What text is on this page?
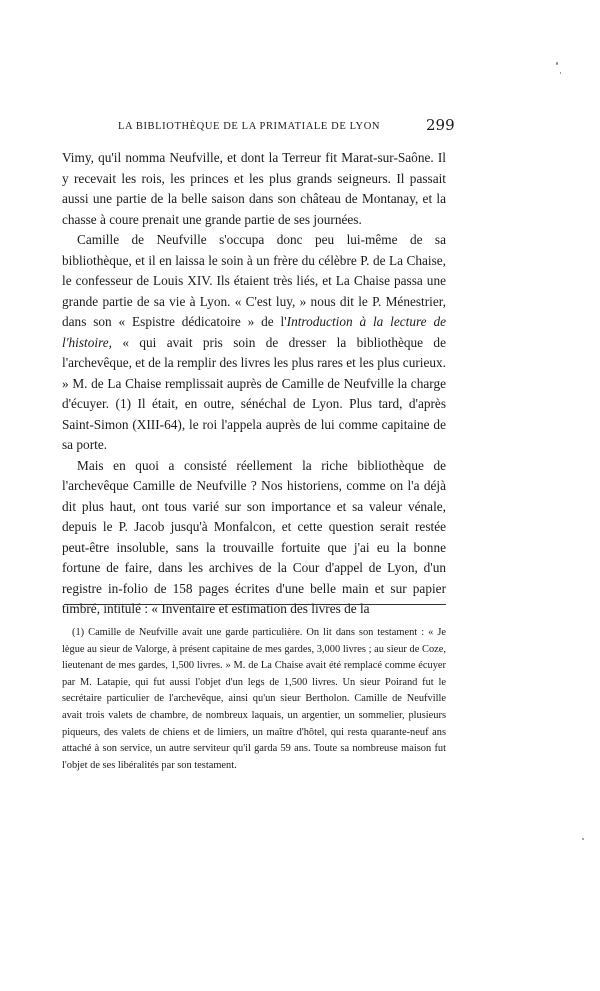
LA BIBLIOTHÈQUE DE LA PRIMATIALE DE LYON	299

Vimy, qu'il nomma Neufville, et dont la Terreur fit Marat-sur-Saône. Il y recevait les rois, les princes et les plus grands seigneurs. Il passait aussi une partie de la belle saison dans son château de Montanay, et la chasse à coure prenait une grande partie de ses journées.

Camille de Neufville s'occupa donc peu lui-même de sa bibliothèque, et il en laissa le soin à un frère du célèbre P. de La Chaise, le confesseur de Louis XIV. Ils étaient très liés, et La Chaise passa une grande partie de sa vie à Lyon. « C'est luy, » nous dit le P. Ménestrier, dans son « Espistre dédicatoire » de l'Introduction à la lecture de l'histoire, « qui avait pris soin de dresser la bibliothèque de l'archevêque, et de la remplir des livres les plus rares et les plus curieux. » M. de La Chaise remplissait auprès de Camille de Neufville la charge d'écuyer. (1) Il était, en outre, sénéchal de Lyon. Plus tard, d'après Saint-Simon (XIII-64), le roi l'appela auprès de lui comme capitaine de sa porte.

Mais en quoi a consisté réellement la riche bibliothèque de l'archevêque Camille de Neufville ? Nos historiens, comme on l'a déjà dit plus haut, ont tous varié sur son importance et sa valeur vénale, depuis le P. Jacob jusqu'à Monfalcon, et cette question serait restée peut-être insoluble, sans la trouvaille fortuite que j'ai eu la bonne fortune de faire, dans les archives de la Cour d'appel de Lyon, d'un registre in-folio de 158 pages écrites d'une belle main et sur papier timbré, intitulé : « Inventaire et estimation des livres de la

(1) Camille de Neufville avait une garde particulière. On lit dans son testament : « Je lègue au sieur de Valorge, à présent capitaine de mes gardes, 3,000 livres ; au sieur de Coze, lieutenant de mes gardes, 1,500 livres. » M. de La Chaise avait été remplacé comme écuyer par M. Latapie, qui fut aussi l'objet d'un legs de 1,500 livres. Un sieur Poirand fut le secrétaire particulier de l'archevêque, ainsi qu'un sieur Bertholon. Camille de Neufville avait trois valets de chambre, de nombreux laquais, un argentier, un sommelier, plusieurs piqueurs, des valets de chiens et de limiers, un maître d'hôtel, qui resta quarante-neuf ans attaché à son service, un autre serviteur qu'il garda 59 ans. Toute sa nombreuse maison fut l'objet de ses libéralités par son testament.
